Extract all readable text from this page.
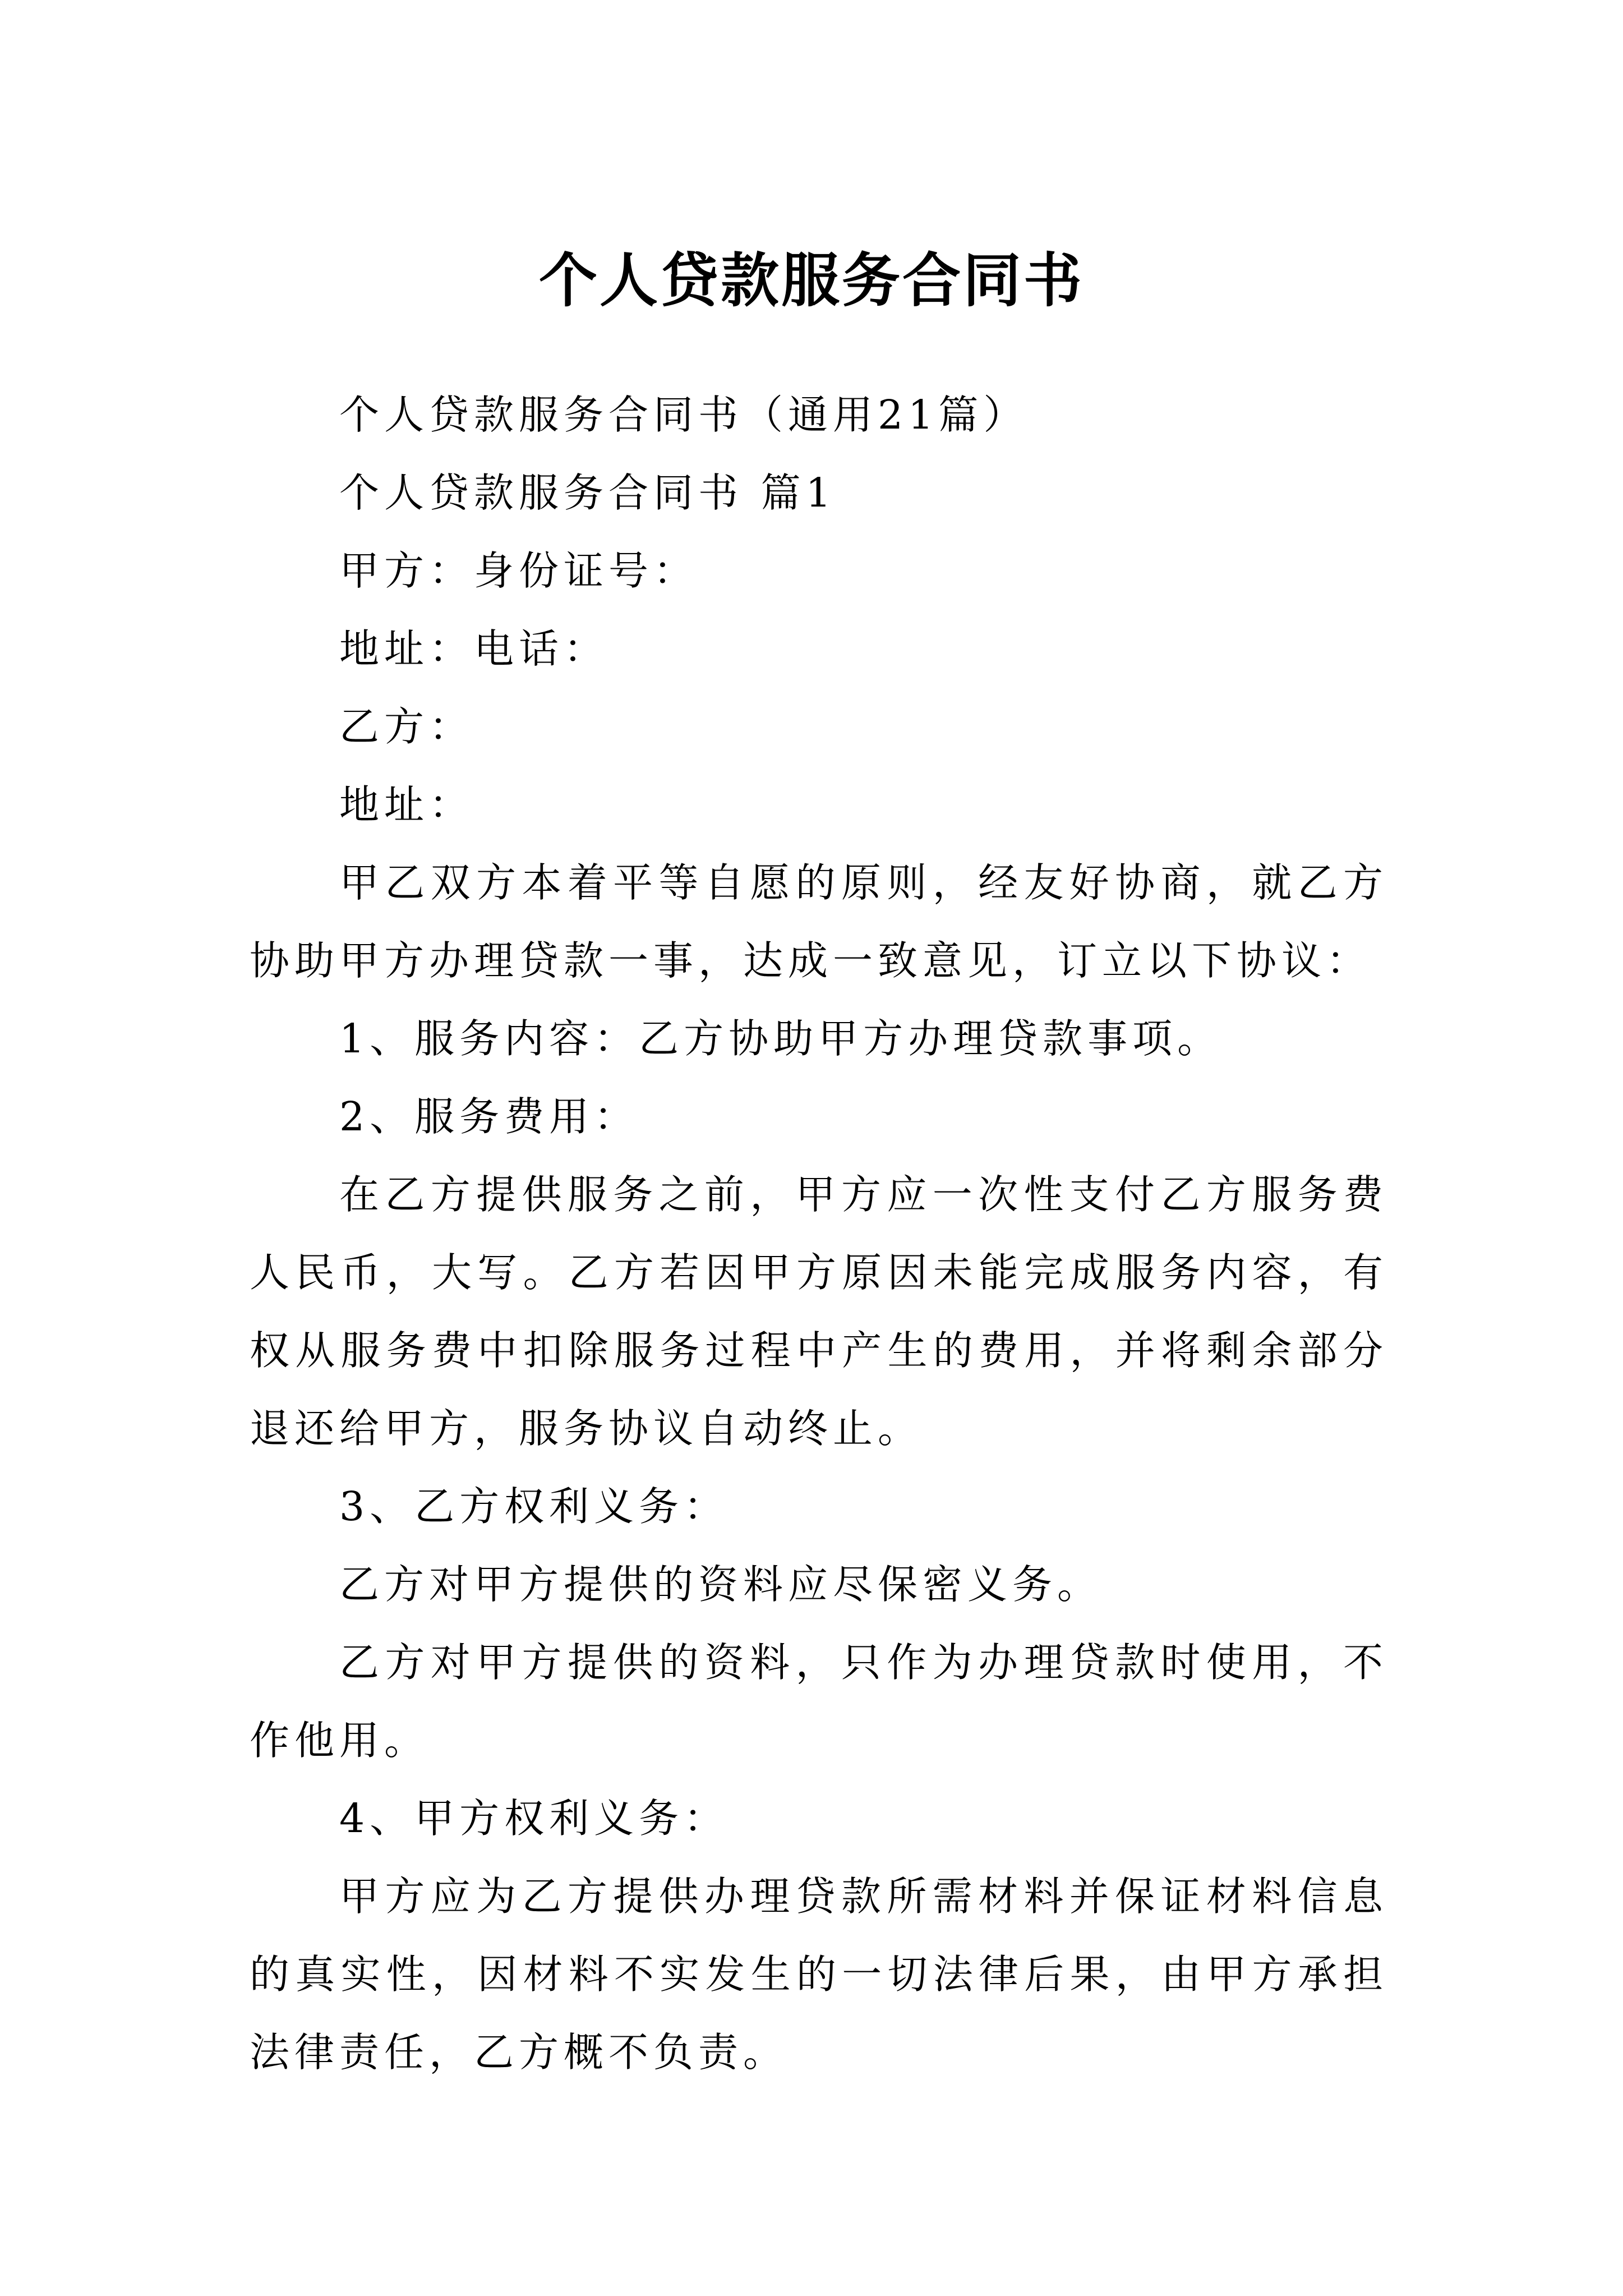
个人贷款服务合同书

个人贷款服务合同书（通用21篇）

个人贷款服务合同书 篇1

甲方：身份证号：

地址：电话：

乙方：

地址：

甲乙双方本着平等自愿的原则，经友好协商，就乙方协助甲方办理贷款一事，达成一致意见，订立以下协议：

1、服务内容：乙方协助甲方办理贷款事项。

2、服务费用：

在乙方提供服务之前，甲方应一次性支付乙方服务费人民币，大写。乙方若因甲方原因未能完成服务内容，有权从服务费中扣除服务过程中产生的费用，并将剩余部分退还给甲方，服务协议自动终止。

3、乙方权利义务：

乙方对甲方提供的资料应尽保密义务。

乙方对甲方提供的资料，只作为办理贷款时使用，不作他用。

4、甲方权利义务：

甲方应为乙方提供办理贷款所需材料并保证材料信息的真实性，因材料不实发生的一切法律后果，由甲方承担法律责任，乙方概不负责。
